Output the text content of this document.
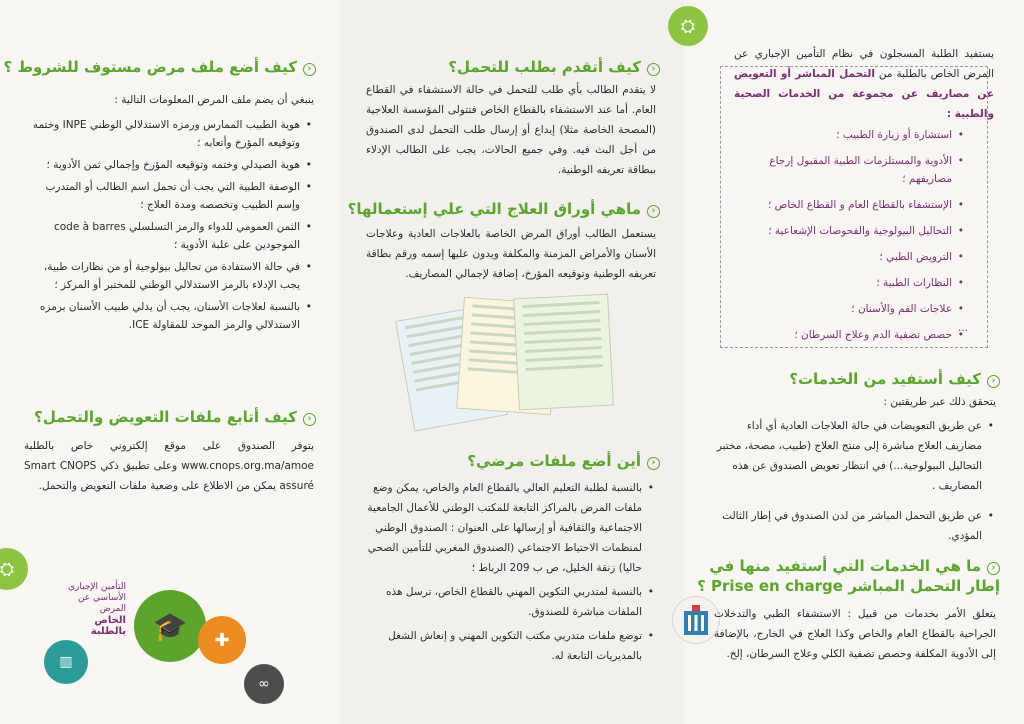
‹كيف أضع ملف مرض مستوف للشروط ؟
ينبغي أن يضم ملف المرض المعلومات التالية :
• هوية الطبيب الممارس ورمزه الاستدلالي الوطني INPE وختمه وتوقيعه المؤرخ وأتعابه ؛
• هوية الصيدلي وختمه وتوقيعه المؤرخ وإجمالي ثمن الأدوية ؛
• الوصفة الطبية التي يجب أن تحمل اسم الطالب أو المتدرب وإسم الطبيب وتخصصه ومدة العلاج ؛
• الثمن العمومي للدواء والرمز التسلسلي code à barres الموجودين على علبة الأدوية ؛
• في حالة الاستفادة من تحاليل بيولوجية أو من نظارات طبية، يجب الإدلاء بالرمز الاستدلالي الوطني للمختبر أو المركز ؛
• بالنسبة لعلاجات الأسنان، يجب أن يدلي طبيب الأسنان برمزه الاستدلالي والرمز الموحد للمقاولة ICE.
‹كيف أتابع ملفات التعويض والتحمل؟
يتوفر الصندوق على موقع إلكتروني خاص بالطلبة www.cnops.org.ma/amoe وعلى تطبيق ذكي Smart CNOPS assuré يمكن من الاطلاع على وضعية ملفات التعويض والتحمل.
⛭
التأمين الإجباري
الأساسي عن المرض
الخاص بالطلبة 🎓	✚
▥
∞
‹كيف أتقدم بطلب للتحمل؟
لا يتقدم الطالب بأي طلب للتحمل في حالة الاستشفاء في القطاع العام. أما عند الاستشفاء بالقطاع الخاص فتتولى المؤسسة العلاجية (المصحة الخاصة مثلا) إيداع أو إرسال طلب التحمل لدى الصندوق من أجل البث فيه. وفي جميع الحالات، يجب على الطالب الإدلاء ببطاقة تعريفه الوطنية.
‹ماهي أوراق العلاج التي علي إستعمالها؟
يستعمل الطالب أوراق المرض الخاصة بالعلاجات العادية وعلاجات الأسنان والأمراض المزمنة والمكلفة ويدون عليها إسمه ورقم بطاقة تعريفه الوطنية وتوقيعه المؤرخ، إضافة لإجمالي المصاريف.
‹أين أضع ملفات مرضي؟
• بالنسبة لطلبة التعليم العالي بالقطاع العام والخاص، يمكن وضع ملفات المرض بالمراكز التابعة للمكتب الوطني للأعمال الجامعية الاجتماعية والثقافية أو إرسالها على العنوان : الصندوق الوطني لمنظمات الاحتياط الاجتماعي (الصندوق المغربي للتأمين الصحي حاليا) زنقة الخليل، ص ب 209 الرباط ؛
• بالنسبة لمتدربي التكوين المهني بالقطاع الخاص، ترسل هذه الملفات مباشرة للصندوق.
• توضع ملفات متدربي مكتب التكوين المهني و إنعاش الشغل بالمديريات التابعة له.
⛭
يستفيد الطلبة المسجلون في نظام التأمين الإجباري عن المرض الخاص بالطلبة من التحمل المباشر أو التعويض عن مصاريف عن مجموعة من الخدمات الصحية والطبية :
• استشارة أو زيارة الطبيب ؛
• الأدوية والمستلزمات الطبية المقبول إرجاع مصاريفهم ؛
• الإستشفاء بالقطاع العام و القطاع الخاص ؛
• التحاليل البيولوجية والفحوصات الإشعاعية ؛
• الترويض الطبي ؛
• النظارات الطبية ؛
• علاجات الفم والأسنان ؛
• حصص تصفية الدم وعلاج السرطان ؛
...
‹كيف أستفيد من الخدمات؟
يتحقق ذلك عبر طريقتين :
• عن طريق التعويضات في حالة العلاجات العادية أي أداء مصاريف العلاج مباشرة إلى منتج العلاج (طبيب، مصحة، مختبر التحاليل البيولوجية...) في انتظار تعويض الصندوق عن هذه المصاريف .
• عن طريق التحمل المباشر من لدن الصندوق في إطار الثالث المؤدي.
‹ما هي الخدمات التي أستفيد منها في
إطار التحمل المباشر Prise en charge ؟
يتعلق الأمر بخدمات من قبيل : الاستشفاء الطبي والتدخلات الجراحية بالقطاع العام والخاص وكذا العلاج في الخارج، بالإضافة إلى الأدوية المكلفة وحصص تصفية الكلي وعلاج السرطان، إلخ.
